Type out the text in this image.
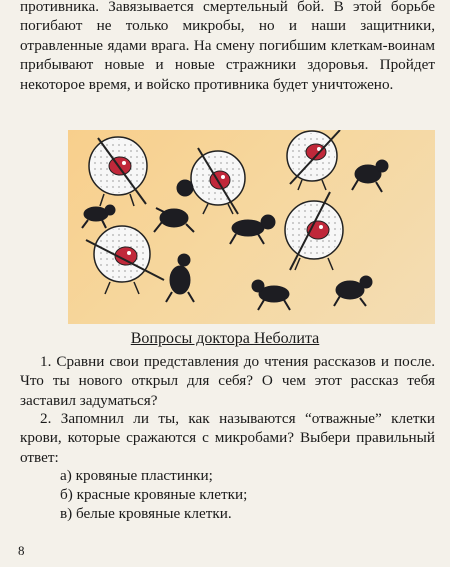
противника. Завязывается смертельный бой. В этой борьбе погибают не только микробы, но и наши защитники, отравленные ядами врага. На смену погибшим клеткам-воинам прибывают новые и новые стражники здоровья. Пройдет некоторое время, и войско противника будет уничтожено.
Вопросы доктора Неболита
1. Сравни свои представления до чтения рассказов и после. Что ты нового открыл для себя? О чем этот рассказ тебя заставил задуматься?
2. Запомнил ли ты, как называются “отважные” клетки крови, которые сражаются с микробами? Выбери правильный ответ:
а) кровяные пластинки;
б) красные кровяные клетки;
в) белые кровяные клетки.
8
